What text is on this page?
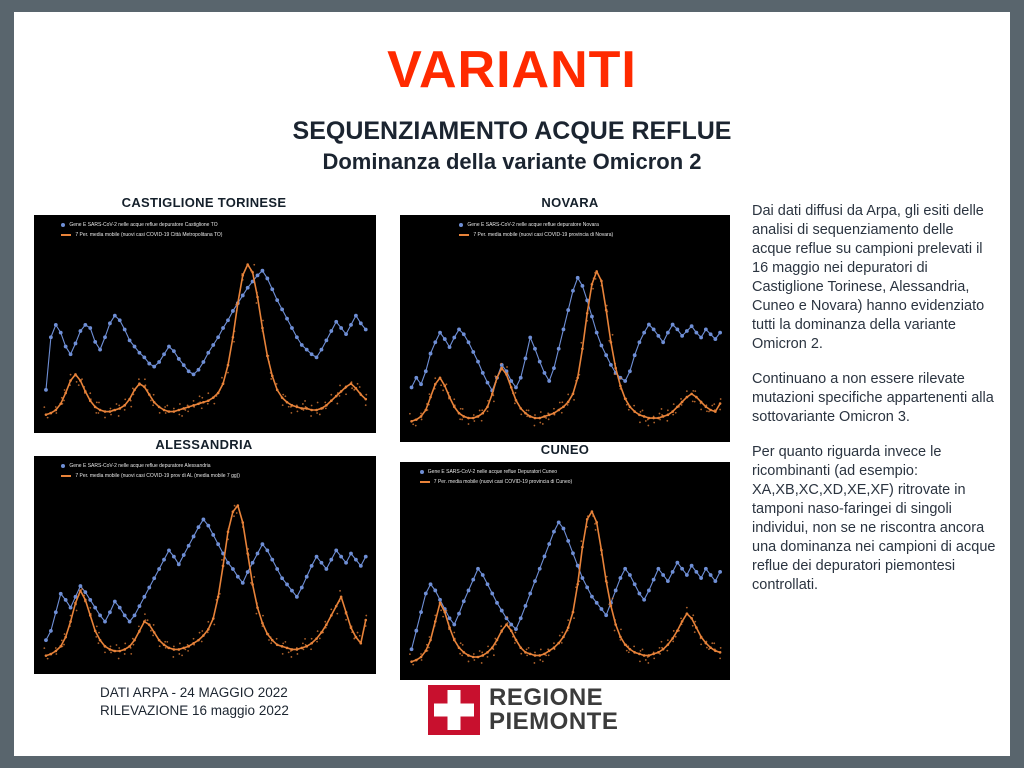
VARIANTI
SEQUENZIAMENTO ACQUE REFLUE
Dominanza della variante Omicron 2
CASTIGLIONE TORINESE
Gene E SARS-CoV-2 nelle acque reflue depuratore Castiglione TO
7 Per. media mobile (nuovi casi COVID-19 Città Metropolitana TO)
NOVARA
Gene E SARS-CoV-2 nelle acque reflue depuratore Novara
7 Per. media mobile (nuovi casi COVID-19 provincia di Novara)
ALESSANDRIA
Gene E SARS-CoV-2 nelle acque reflue depuratore Alessandria
7 Per. media mobile (nuovi casi COVID-19 prov di AL (media mobile 7 gg))
CUNEO
Gene E SARS-CoV-2 nelle acque reflue Depuratori Cuneo
7 Per. media mobile (nuovi casi COVID-19 provincia di Cuneo)

Dai dati diffusi da Arpa, gli esiti delle analisi di sequenziamento delle acque reflue su campioni prelevati il 16 maggio nei depuratori di Castiglione Torinese, Alessandria, Cuneo e Novara) hanno evidenziato tutti la dominanza della variante Omicron 2.

Continuano a non essere rilevate mutazioni specifiche appartenenti alla sottovariante Omicron 3.

Per quanto riguarda invece le ricombinanti (ad esempio: XA,XB,XC,XD,XE,XF) ritrovate in tamponi naso-faringei di singoli individui, non se ne riscontra ancora una dominanza nei campioni di acque reflue dei depuratori piemontesi controllati.

DATI ARPA - 24 MAGGIO 2022
RILEVAZIONE 16 maggio 2022	REGIONE
PIEMONTE
